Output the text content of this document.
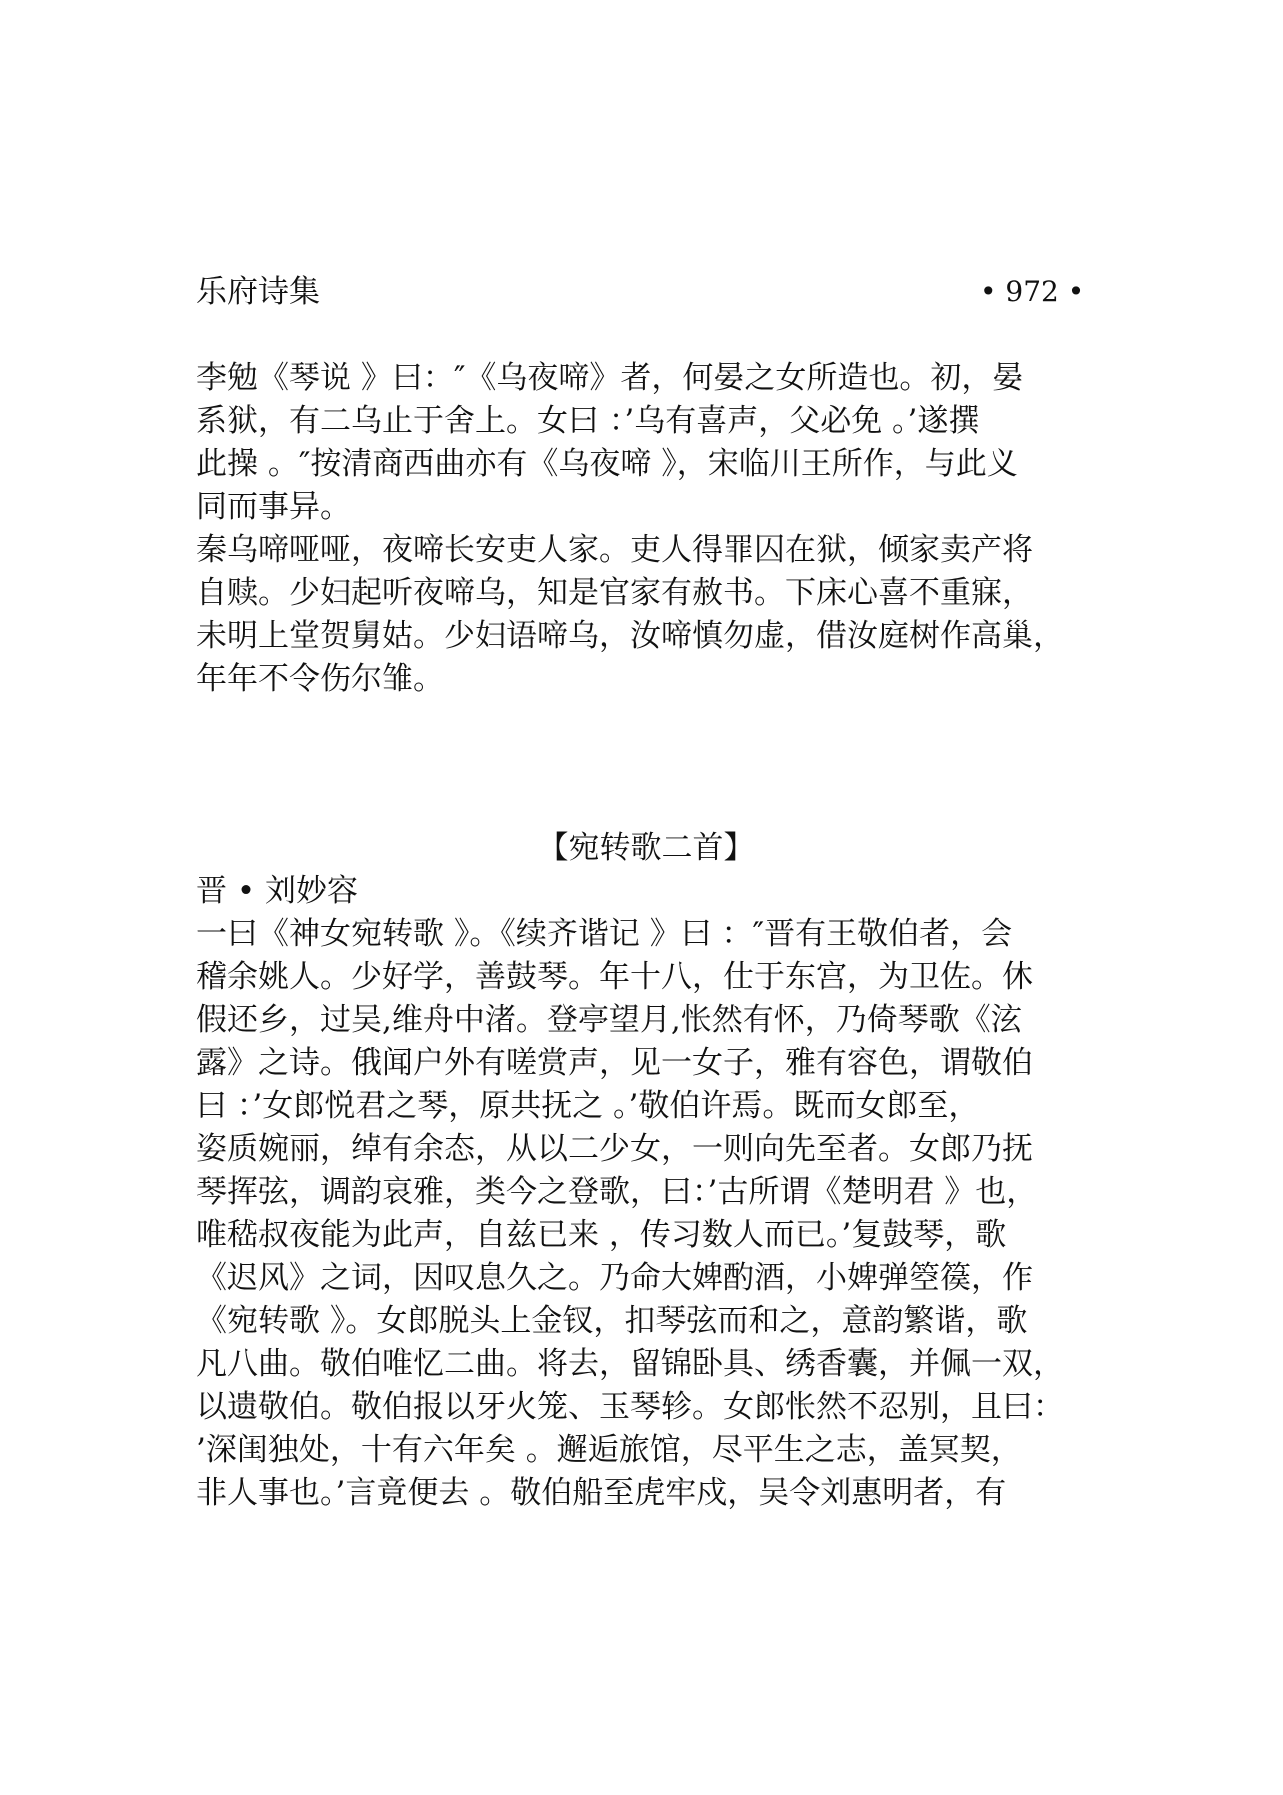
乐府诗集	• 972 •
李勉《琴说 》曰：″《乌夜啼》者，何晏之女所造也。初，晏
系狱，有二乌止于舍上。女曰 ：’乌有喜声，父必免 。’遂撰
此操 。″按清商西曲亦有《乌夜啼 》，宋临川王所作，与此义
同而事异。
秦乌啼哑哑，夜啼长安吏人家。吏人得罪囚在狱，倾家卖产将
自赎。少妇起听夜啼乌，知是官家有赦书。下床心喜不重寐，
未明上堂贺舅姑。少妇语啼乌，汝啼慎勿虚，借汝庭树作高巢，
年年不令伤尔雏。
【宛转歌二首】
晋 • 刘妙容
一曰《神女宛转歌 》。《续齐谐记 》曰 ：″晋有王敬伯者，会
稽余姚人。少好学，善鼓琴。年十八，仕于东宫，为卫佐。休
假还乡，过吴,维舟中渚。登亭望月,怅然有怀，乃倚琴歌《泫
露》之诗。俄闻户外有嗟赏声，见一女子，雅有容色，谓敬伯
曰 ：’女郎悦君之琴，原共抚之 。’敬伯许焉。既而女郎至，
姿质婉丽，绰有余态，从以二少女，一则向先至者。女郎乃抚
琴挥弦，调韵哀雅，类今之登歌，曰：’古所谓《楚明君 》也，
唯嵇叔夜能为此声，自兹已来 ，传习数人而已。’复鼓琴，歌
《迟风》之词，因叹息久之。乃命大婢酌酒，小婢弹箜篌，作
《宛转歌 》。女郎脱头上金钗，扣琴弦而和之，意韵繁谐，歌
凡八曲。敬伯唯忆二曲。将去，留锦卧具、绣香囊，并佩一双，
以遗敬伯。敬伯报以牙火笼、玉琴轸。女郎怅然不忍别，且曰：
’深闺独处，十有六年矣 。邂逅旅馆，尽平生之志，盖冥契，
非人事也。’言竟便去 。敬伯船至虎牢戍，吴令刘惠明者，有
